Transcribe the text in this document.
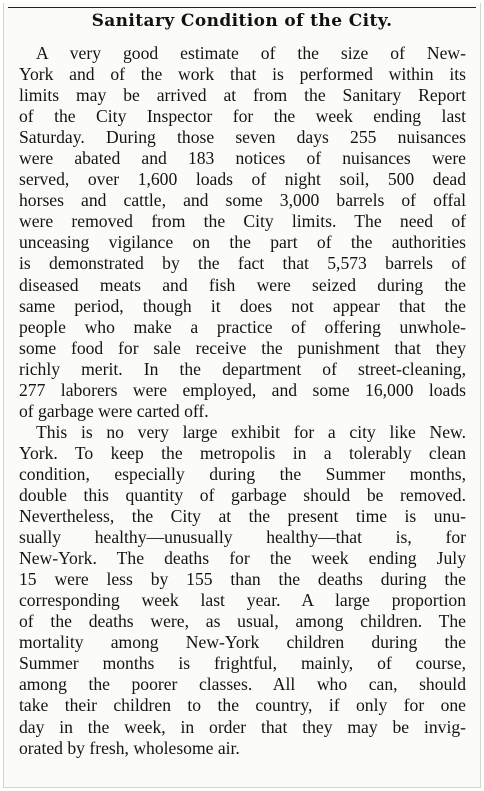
Sanitary Condition of the City.
A very good estimate of the size of New-
York and of the work that is performed within its
limits may be arrived at from the Sanitary Report
of the City Inspector for the week ending last
Saturday. During those seven days 255 nuisances
were abated and 183 notices of nuisances were
served, over 1,600 loads of night soil, 500 dead
horses and cattle, and some 3,000 barrels of offal
were removed from the City limits. The need of
unceasing vigilance on the part of the authorities
is demonstrated by the fact that 5,573 barrels of
diseased meats and fish were seized during the
same period, though it does not appear that the
people who make a practice of offering unwhole-
some food for sale receive the punishment that they
richly merit. In the department of street-cleaning,
277 laborers were employed, and some 16,000 loads
of garbage were carted off.
This is no very large exhibit for a city like New.
York. To keep the metropolis in a tolerably clean
condition, especially during the Summer months,
double this quantity of garbage should be removed.
Nevertheless, the City at the present time is unu-
sually healthy—unusually healthy—that is, for
New-York. The deaths for the week ending July
15 were less by 155 than the deaths during the
corresponding week last year. A large proportion
of the deaths were, as usual, among children. The
mortality among New-York children during the
Summer months is frightful, mainly, of course,
among the poorer classes. All who can, should
take their children to the country, if only for one
day in the week, in order that they may be invig-
orated by fresh, wholesome air.
